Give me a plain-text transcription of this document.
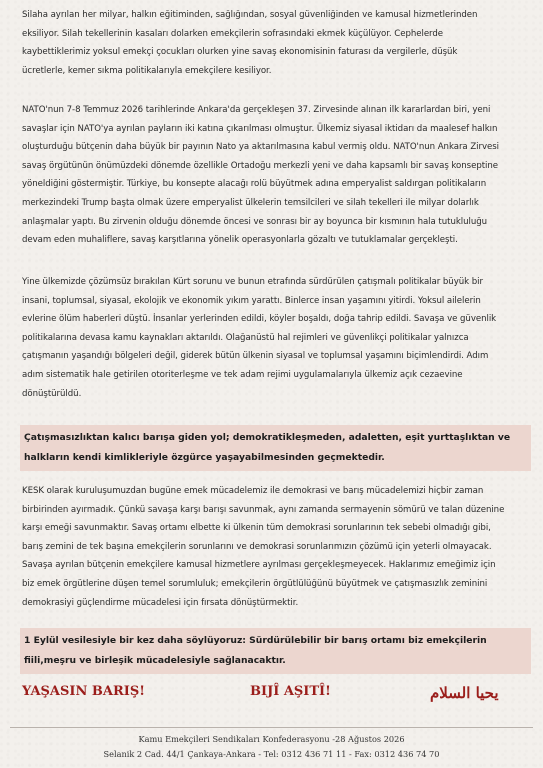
Silaha ayrılan her milyar, halkın eğitiminden, sağlığından, sosyal güvenliğinden ve kamusal hizmetlerinden
eksiliyor. Silah tekellerinin kasaları dolarken emekçilerin sofrasındaki ekmek küçülüyor. Cephelerde
kaybettiklerimiz yoksul emekçi çocukları olurken yine savaş ekonomisinin faturası da vergilerle, düşük
ücretlerle, kemer sıkma politikalarıyla emekçilere kesiliyor.

NATO'nun 7-8 Temmuz 2026 tarihlerinde Ankara'da gerçekleşen 37. Zirvesinde alınan ilk kararlardan biri, yeni
savaşlar için NATO'ya ayrılan payların iki katına çıkarılması olmuştur. Ülkemiz siyasal iktidarı da maalesef halkın
oluşturduğu bütçenin daha büyük bir payının Nato ya aktarılmasına kabul vermiş oldu. NATO'nun Ankara Zirvesi
savaş örgütünün önümüzdeki dönemde özellikle Ortadoğu merkezli yeni ve daha kapsamlı bir savaş konseptine
yöneldiğini göstermiştir. Türkiye, bu konsepte alacağı rolü büyütmek adına emperyalist saldırgan politikaların
merkezindeki Trump başta olmak üzere emperyalist ülkelerin temsilcileri ve silah tekelleri ile milyar dolarlık
anlaşmalar yaptı. Bu zirvenin olduğu dönemde öncesi ve sonrası bir ay boyunca bir kısmının hala tutukluluğu
devam eden muhaliflere, savaş karşıtlarına yönelik operasyonlarla gözaltı ve tutuklamalar gerçekleşti.

Yine ülkemizde çözümsüz bırakılan Kürt sorunu ve bunun etrafında sürdürülen çatışmalı politikalar büyük bir
insani, toplumsal, siyasal, ekolojik ve ekonomik yıkım yarattı. Binlerce insan yaşamını yitirdi. Yoksul ailelerin
evlerine ölüm haberleri düştü. İnsanlar yerlerinden edildi, köyler boşaldı, doğa tahrip edildi. Savaşa ve güvenlik
politikalarına devasa kamu kaynakları aktarıldı. Olağanüstü hal rejimleri ve güvenlikçi politikalar yalnızca
çatışmanın yaşandığı bölgeleri değil, giderek bütün ülkenin siyasal ve toplumsal yaşamını biçimlendirdi. Adım
adım sistematik hale getirilen otoriterleşme ve tek adam rejimi uygulamalarıyla ülkemiz açık cezaevine
dönüştürüldü.

KESK olarak kuruluşumuzdan bugüne emek mücadelemiz ile demokrasi ve barış mücadelemizi hiçbir zaman
birbirinden ayırmadık. Çünkü savaşa karşı barışı savunmak, aynı zamanda sermayenin sömürü ve talan düzenine
karşı emeği savunmaktır. Savaş ortamı elbette ki ülkenin tüm demokrasi sorunlarının tek sebebi olmadığı gibi,
barış zemini de tek başına emekçilerin sorunlarını ve demokrasi sorunlarımızın çözümü için yeterli olmayacak.
Savaşa ayrılan bütçenin emekçilere kamusal hizmetlere ayrılması gerçekleşmeyecek. Haklarımız emeğimiz için
biz emek örgütlerine düşen temel sorumluluk; emekçilerin örgütlülüğünü büyütmek ve çatışmasızlık zeminini
demokrasiyi güçlendirme mücadelesi için fırsata dönüştürmektir.

Çatışmasızlıktan kalıcı barışa giden yol; demokratikleşmeden, adaletten, eşit yurttaşlıktan ve
halkların kendi kimlikleriyle özgürce yaşayabilmesinden geçmektedir.
1 Eylül vesilesiyle bir kez daha söylüyoruz: Sürdürülebilir bir barış ortamı biz emekçilerin
fiili,meşru ve birleşik mücadelesiyle sağlanacaktır.
YAŞASIN BARIŞ!	BIJÎ AŞITÎ!	يحيا السلام
Kamu Emekçileri Sendikaları Konfederasyonu -28 Ağustos 2026
Selanik 2 Cad. 44/1 Çankaya-Ankara - Tel: 0312 436 71 11 - Fax: 0312 436 74 70
